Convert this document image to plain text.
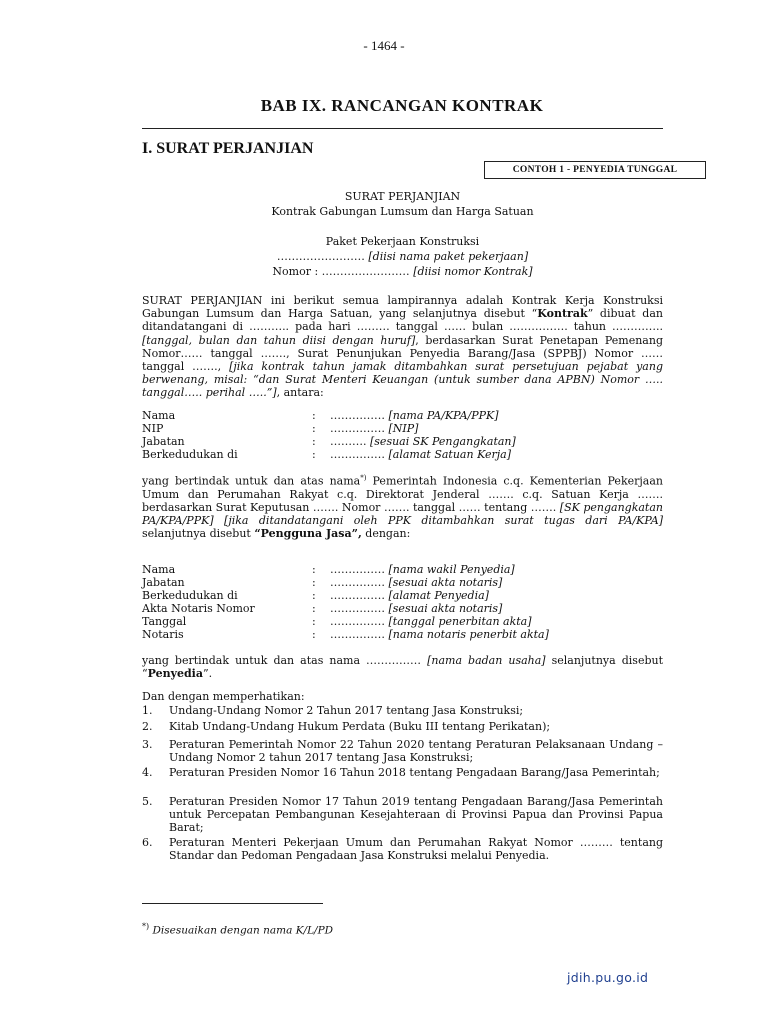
- 1464 -
BAB IX. RANCANGAN KONTRAK
I. SURAT PERJANJIAN
CONTOH 1 - PENYEDIA TUNGGAL
SURAT PERJANJIAN
Kontrak Gabungan Lumsum dan Harga Satuan
Paket Pekerjaan Konstruksi
…………………… [diisi nama paket pekerjaan]
Nomor : …………………… [diisi nomor Kontrak]
SURAT PERJANJIAN ini berikut semua lampirannya adalah Kontrak Kerja Konstruksi Gabungan Lumsum dan Harga Satuan, yang selanjutnya disebut “Kontrak” dibuat dan ditandatangani di ……….. pada hari ……… tanggal …… bulan ……………. tahun ………….. [tanggal, bulan dan tahun diisi dengan huruf], berdasarkan Surat Penetapan Pemenang Nomor…… tanggal ……., Surat Penunjukan Penyedia Barang/Jasa (SPPBJ) Nomor …… tanggal ……., [jika kontrak tahun jamak ditambahkan surat persetujuan pejabat yang berwenang, misal: “dan Surat Menteri Keuangan (untuk sumber dana APBN) Nomor ….. tanggal….. perihal …..”], antara:
Nama	: …………… [nama PA/KPA/PPK]
NIP	: …………… [NIP]
Jabatan	: ………. [sesuai SK Pengangkatan]
Berkedudukan di	: …………… [alamat Satuan Kerja]
yang bertindak untuk dan atas nama*) Pemerintah Indonesia c.q. Kementerian Pekerjaan Umum dan Perumahan Rakyat c.q. Direktorat Jenderal ……. c.q. Satuan Kerja ……. berdasarkan Surat Keputusan ……. Nomor ……. tanggal …… tentang ……. [SK pengangkatan PA/KPA/PPK] [jika ditandatangani oleh PPK ditambahkan surat tugas dari PA/KPA] selanjutnya disebut “Pengguna Jasa”, dengan:
Nama	: …………… [nama wakil Penyedia]
Jabatan	: …………… [sesuai akta notaris]
Berkedudukan di	: …………… [alamat Penyedia]
Akta Notaris Nomor	: …………… [sesuai akta notaris]
Tanggal	: …………… [tanggal penerbitan akta]
Notaris	: …………… [nama notaris penerbit akta]
yang bertindak untuk dan atas nama …………… [nama badan usaha] selanjutnya disebut “Penyedia”.
Dan dengan memperhatikan:
1. Undang-Undang Nomor 2 Tahun 2017 tentang Jasa Konstruksi;
2. Kitab Undang-Undang Hukum Perdata (Buku III tentang Perikatan);
3. Peraturan Pemerintah Nomor 22 Tahun 2020 tentang Peraturan Pelaksanaan Undang – Undang Nomor 2 tahun 2017 tentang Jasa Konstruksi;
4. Peraturan Presiden Nomor 16 Tahun 2018 tentang Pengadaan Barang/Jasa Pemerintah;
5. Peraturan Presiden Nomor 17 Tahun 2019 tentang Pengadaan Barang/Jasa Pemerintah untuk Percepatan Pembangunan Kesejahteraan di Provinsi Papua dan Provinsi Papua Barat;
6. Peraturan Menteri Pekerjaan Umum dan Perumahan Rakyat Nomor ……… tentang Standar dan Pedoman Pengadaan Jasa Konstruksi melalui Penyedia.
*) Disesuaikan dengan nama K/L/PD
jdih.pu.go.id
